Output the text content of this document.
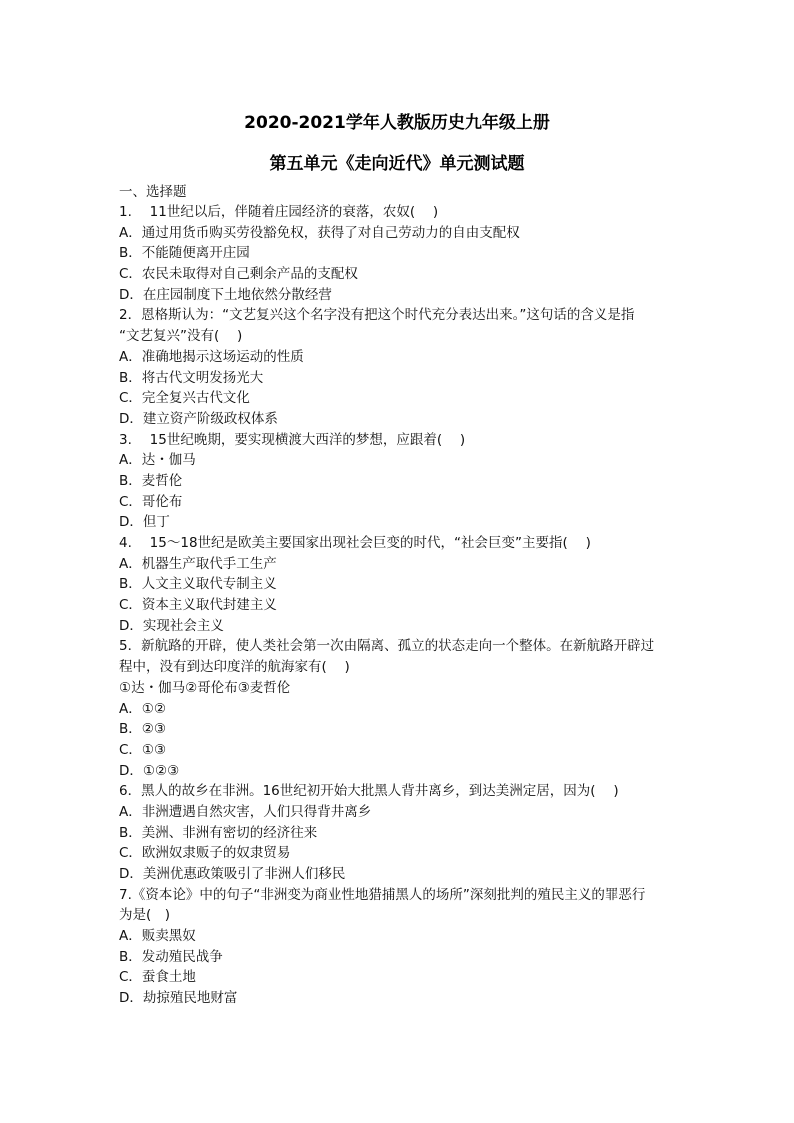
2020-2021学年人教版历史九年级上册
第五单元《走向近代》单元测试题
一、选择题
1.　 11世纪以后，伴随着庄园经济的衰落，农奴(　 )
A．通过用货币购买劳役豁免权，获得了对自己劳动力的自由支配权
B．不能随便离开庄园
C．农民未取得对自己剩余产品的支配权
D．在庄园制度下土地依然分散经营
2．恩格斯认为：“文艺复兴这个名字没有把这个时代充分表达出来。”这句话的含义是指
“文艺复兴”没有(　 )
A．准确地揭示这场运动的性质
B．将古代文明发扬光大
C．完全复兴古代文化
D．建立资产阶级政权体系
3.　 15世纪晚期，要实现横渡大西洋的梦想，应跟着(　 )
A．达・伽马
B．麦哲伦
C．哥伦布
D．但丁
4.　 15～18世纪是欧美主要国家出现社会巨变的时代，“社会巨变”主要指(　 )
A．机器生产取代手工生产
B．人文主义取代专制主义
C．资本主义取代封建主义
D．实现社会主义
5．新航路的开辟，使人类社会第一次由隔离、孤立的状态走向一个整体。在新航路开辟过
程中，没有到达印度洋的航海家有(　 )
①达・伽马②哥伦布③麦哲伦
A．①②
B．②③
C．①③
D．①②③
6．黑人的故乡在非洲。16世纪初开始大批黑人背井离乡，到达美洲定居，因为(　 )
A．非洲遭遇自然灾害，人们只得背井离乡
B．美洲、非洲有密切的经济往来
C．欧洲奴隶贩子的奴隶贸易
D．美洲优惠政策吸引了非洲人们移民
7.《资本论》中的句子“非洲变为商业性地猎捕黑人的场所”深刻批判的殖民主义的罪恶行
为是(　)
A．贩卖黑奴
B．发动殖民战争
C．蚕食土地
D．劫掠殖民地财富
